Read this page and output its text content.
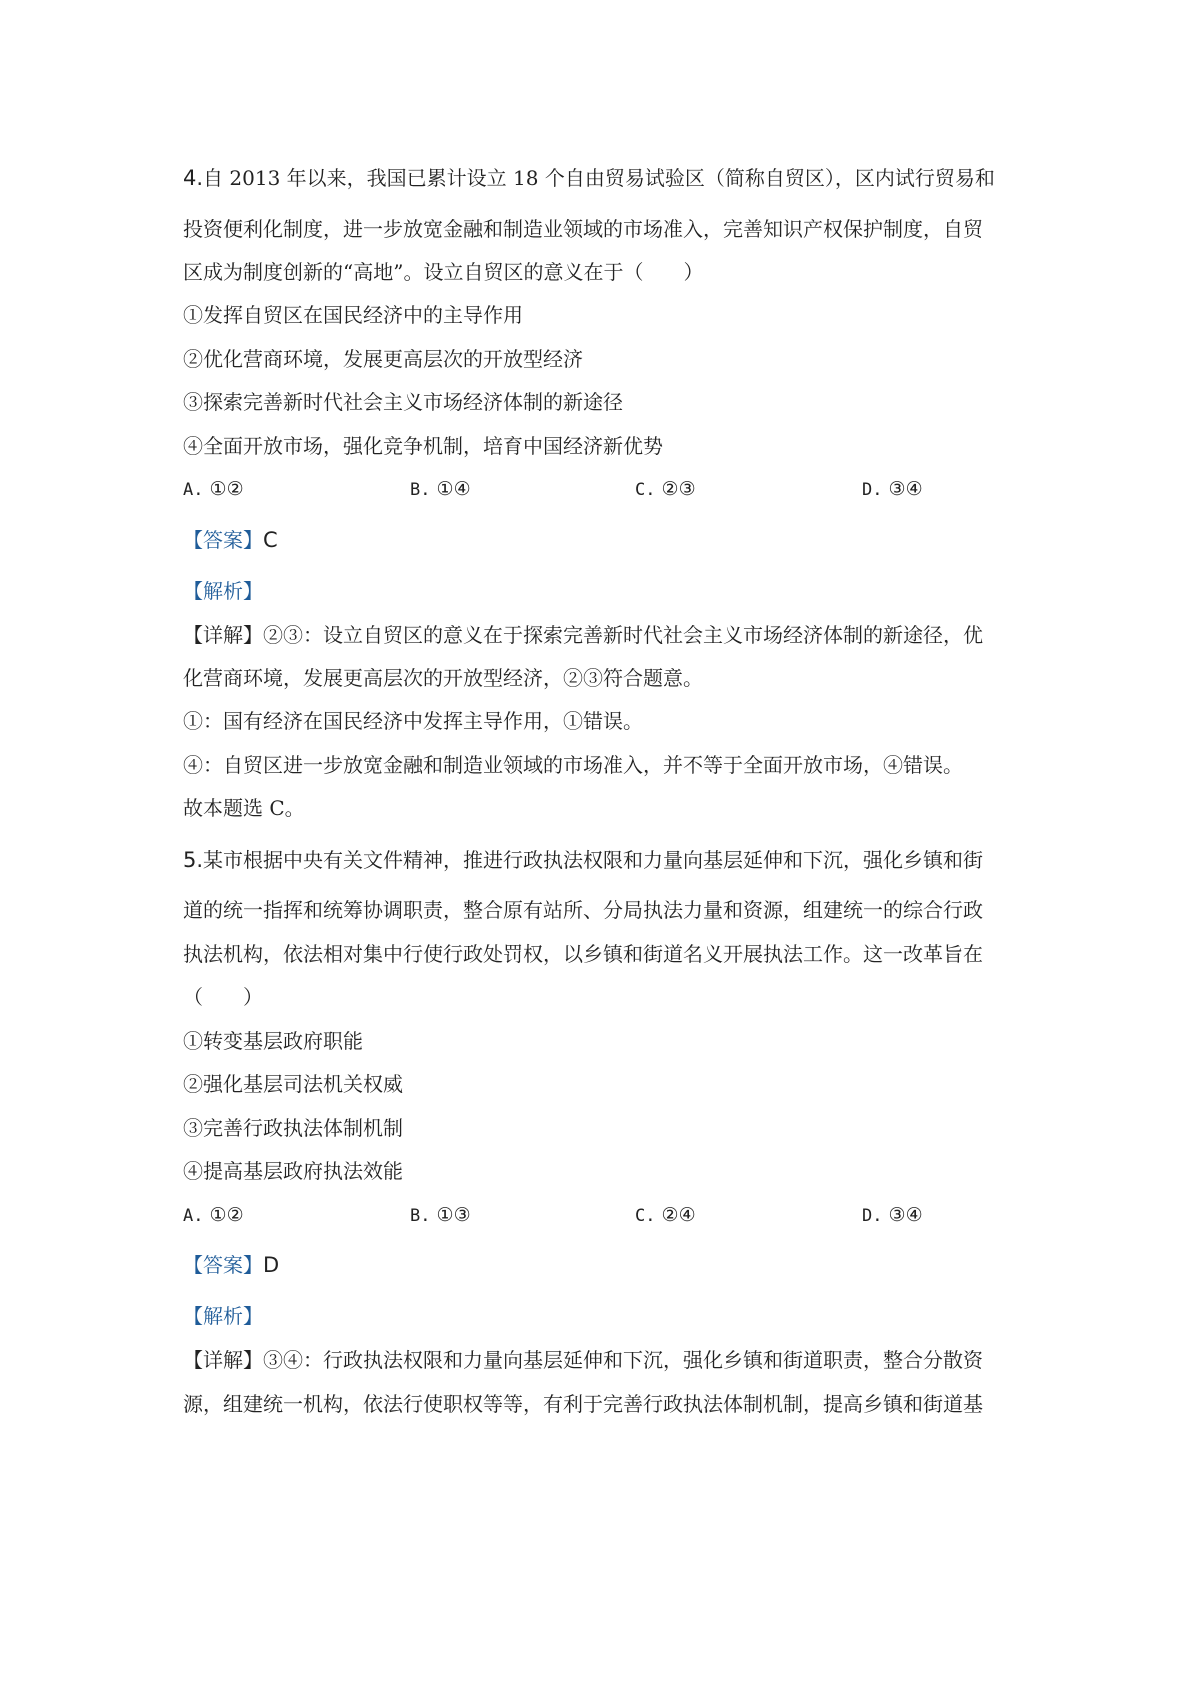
4.自 2013 年以来，我国已累计设立 18 个自由贸易试验区（简称自贸区），区内试行贸易和
投资便利化制度，进一步放宽金融和制造业领域的市场准入，完善知识产权保护制度，自贸
区成为制度创新的“高地”。设立自贸区的意义在于（　　）
①发挥自贸区在国民经济中的主导作用
②优化营商环境，发展更高层次的开放型经济
③探索完善新时代社会主义市场经济体制的新途径
④全面开放市场，强化竞争机制，培育中国经济新优势
A. ①②	B. ①④	C. ②③	D. ③④
【答案】C
【解析】
【详解】②③：设立自贸区的意义在于探索完善新时代社会主义市场经济体制的新途径，优
化营商环境，发展更高层次的开放型经济，②③符合题意。
①：国有经济在国民经济中发挥主导作用，①错误。
④：自贸区进一步放宽金融和制造业领域的市场准入，并不等于全面开放市场，④错误。
故本题选 C。
5.某市根据中央有关文件精神，推进行政执法权限和力量向基层延伸和下沉，强化乡镇和街
道的统一指挥和统筹协调职责，整合原有站所、分局执法力量和资源，组建统一的综合行政
执法机构，依法相对集中行使行政处罚权，以乡镇和街道名义开展执法工作。这一改革旨在
（　　）
①转变基层政府职能
②强化基层司法机关权威
③完善行政执法体制机制
④提高基层政府执法效能
A. ①②	B. ①③	C. ②④	D. ③④
【答案】D
【解析】
【详解】③④：行政执法权限和力量向基层延伸和下沉，强化乡镇和街道职责，整合分散资
源，组建统一机构，依法行使职权等等，有利于完善行政执法体制机制，提高乡镇和街道基
